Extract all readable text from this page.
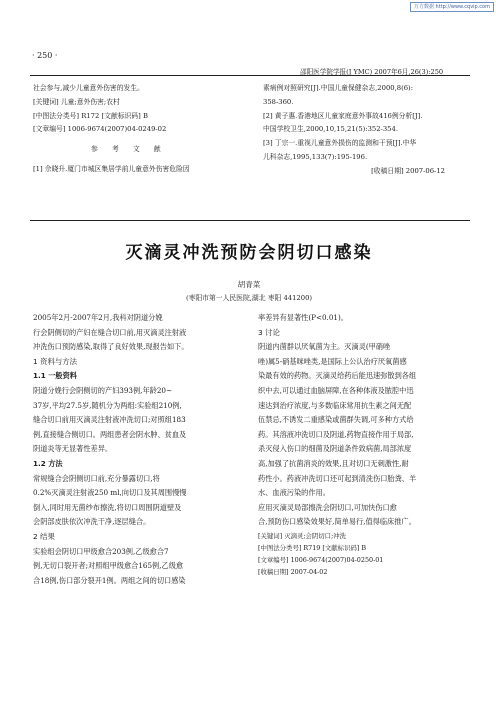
万方数据 http://www.cqvip.com
· 250 ·
邵阳医学院学报(J YMC) 2007年6月,26(3):250
社会参与,减少儿童意外伤害的发生。
[关键词] 儿童;意外伤害;农村
[中图法分类号] R172 [文献标识码] B
[文章编号] 1006-9674(2007)04-0249-02
参 考 文 献
[1] 佘晓升.厦门市城区集居学前儿童意外伤害危险因
素病例对照研究[J].中国儿童保健杂志,2000,8(6):
358-360.
[2] 黄子惠.香港地区儿童家庭意外事故416例分析[J].
中国学校卫生,2000,10,15,21(5):352-354.
[3] 丁宗一.重视儿童意外损伤的监测和干预[J].中华
儿科杂志,1995,133(7):195-196.
[收稿日期] 2007-06-12
灭滴灵冲洗预防会阴切口感染
胡青菜
(枣阳市第一人民医院,湖北 枣阳 441200)
2005年2月-2007年2月,我科对阴道分娩
行会阴侧切的产妇在缝合切口前,用灭滴灵注射液
冲洗伤口预防感染,取得了良好效果,现报告如下。
1 资料与方法
1.1 一般资料
阴道分娩行会阴侧切的产妇393例,年龄20~
37岁,平均27.5岁,随机分为两组:实验组210例,
缝合切口前用灭滴灵注射液冲洗切口;对照组183
例,直接缝合侧切口。两组患者会阴水肿、贫血及
阴道炎等无显著性差异。
1.2 方法
常规缝合会阴侧切口前,充分暴露切口,将
0.2%灭滴灵注射液250 ml,向切口及其周围慢慢
倒入,同时用无菌纱布擦洗,将切口周围阴道壁及
会阴部皮肤依次冲洗干净,逐层缝合。
2 结果
实验组会阴切口甲级愈合203例,乙级愈合7
例,无切口裂开者;对照组甲级愈合165例,乙级愈
合18例,伤口部分裂开1例。两组之间的切口感染
率差异有显著性(P<0.01)。
3 讨论
阴道内菌群以厌氧菌为主。灭滴灵(甲硝唑
唑)属5-硝基咪唑类,是国际上公认治疗厌氧菌感
染最有效的药物。灭滴灵给药后能迅速弥散到各组
织中去,可以通过血脑屏障,在各种体液及脓腔中迅
速达到治疗浓度,与多数临床常用抗生素之间无配
伍禁忌,不诱发二重感染或菌群失调,可多种方式给
药。其溶液冲洗切口及阴道,药物直接作用于局部,
杀灭侵入伤口的细菌及阴道条件致病菌,局部浓度
高,加强了抗菌消炎的效果,且对切口无刺激性,耐
药性小。药液冲洗切口还可起到清洗伤口胎粪、羊
水、血液污染的作用。
应用灭滴灵局部擦洗会阴切口,可加快伤口愈
合,预防伤口感染效果好,简单易行,值得临床推广。
[关键词] 灭滴灵;会阴切口;冲洗
[中图法分类号] R719 [文献标识码] B
[文章编号] 1006-9674(2007)04-0250-01
[收稿日期] 2007-04-02
